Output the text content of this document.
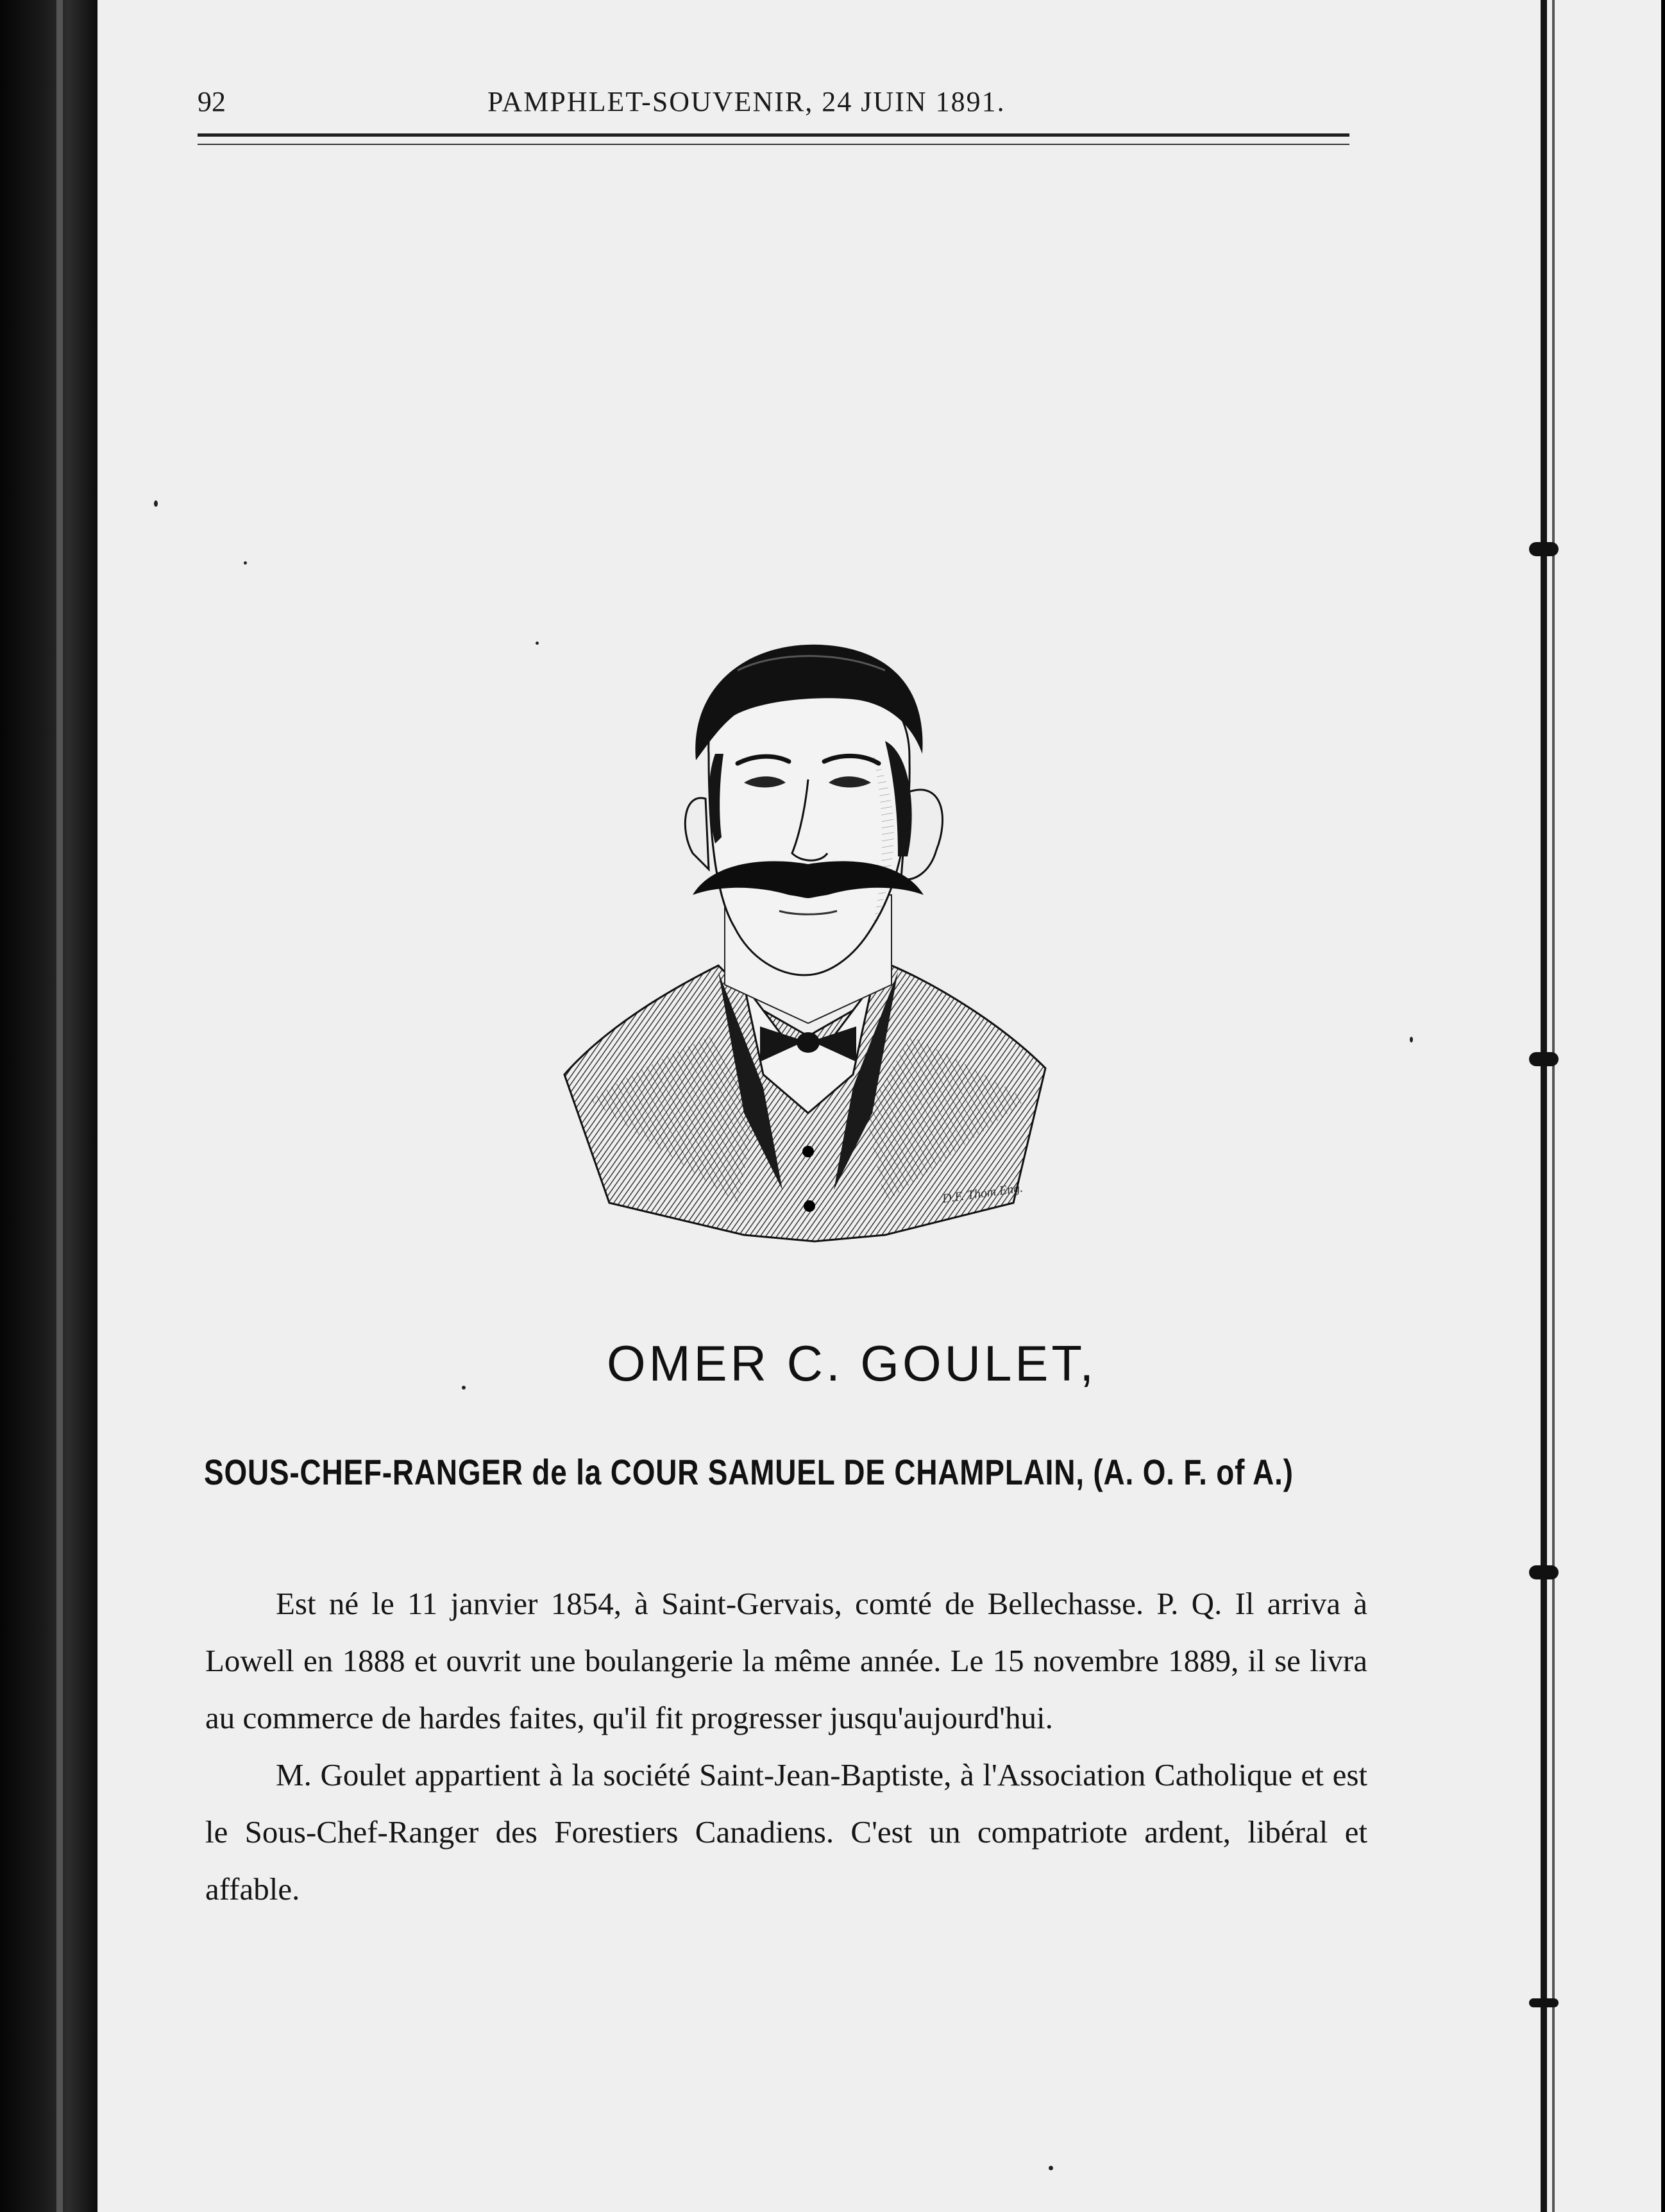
92	PAMPHLET-SOUVENIR, 24 JUIN 1891.
D.F. Thom.Eng.
OMER C. GOULET,
SOUS-CHEF-RANGER de la COUR SAMUEL DE CHAMPLAIN, (A. O. F. of A.)

Est né le 11 janvier 1854, à Saint-Gervais, comté de Bellechasse. P. Q. Il arriva à Lowell en 1888 et ouvrit une boulangerie la même année. Le 15 novembre 1889, il se livra au commerce de hardes faites, qu'il fit progresser jusqu'aujourd'hui.

M. Goulet appartient à la société Saint-Jean-Baptiste, à l'Association Catholique et est le Sous-Chef-Ranger des Forestiers Canadiens. C'est un compatriote ardent, libéral et affable.
